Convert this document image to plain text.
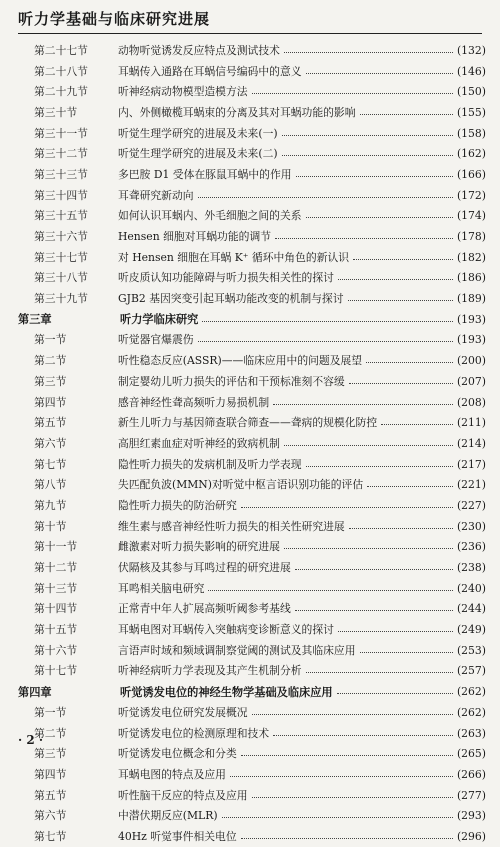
听力学基础与临床研究进展
第二十七节	动物听觉诱发反应特点及测试技术	(132)
第二十八节	耳蜗传入通路在耳蜗信号编码中的意义	(146)
第二十九节	听神经病动物模型造模方法	(150)
第三十节	内、外侧橄榄耳蜗束的分离及其对耳蜗功能的影响	(155)
第三十一节	听觉生理学研究的进展及未来(一)	(158)
第三十二节	听觉生理学研究的进展及未来(二)	(162)
第三十三节	多巴胺 D1 受体在豚鼠耳蜗中的作用	(166)
第三十四节	耳聋研究新动向	(172)
第三十五节	如何认识耳蜗内、外毛细胞之间的关系	(174)
第三十六节	Hensen 细胞对耳蜗功能的调节	(178)
第三十七节	对 Hensen 细胞在耳蜗 K⁺ 循环中角色的新认识	(182)
第三十八节	听皮质认知功能障碍与听力损失相关性的探讨	(186)
第三十九节	GJB2 基因突变引起耳蜗功能改变的机制与探讨	(189)
第三章	听力学临床研究	(193)
第一节	听觉器官爆震伤	(193)
第二节	听性稳态反应(ASSR)——临床应用中的问题及展望	(200)
第三节	制定婴幼儿听力损失的评估和干预标准刻不容缓	(207)
第四节	感音神经性聋高频听力易损机制	(208)
第五节	新生儿听力与基因筛查联合筛查——聋病的规模化防控	(211)
第六节	高胆红素血症对听神经的致病机制	(214)
第七节	隐性听力损失的发病机制及听力学表现	(217)
第八节	失匹配负波(MMN)对听觉中枢言语识别功能的评估	(221)
第九节	隐性听力损失的防治研究	(227)
第十节	维生素与感音神经性听力损失的相关性研究进展	(230)
第十一节	雌激素对听力损失影响的研究进展	(236)
第十二节	伏隔核及其参与耳鸣过程的研究进展	(238)
第十三节	耳鸣相关脑电研究	(240)
第十四节	正常青中年人扩展高频听阈参考基线	(244)
第十五节	耳蜗电图对耳蜗传入突触病变诊断意义的探讨	(249)
第十六节	言语声时域和频域调制察觉阈的测试及其临床应用	(253)
第十七节	听神经病听力学表现及其产生机制分析	(257)
第四章	听觉诱发电位的神经生物学基础及临床应用	(262)
第一节	听觉诱发电位研究发展概况	(262)
第二节	听觉诱发电位的检测原理和技术	(263)
第三节	听觉诱发电位概念和分类	(265)
第四节	耳蜗电图的特点及应用	(266)
第五节	听性脑干反应的特点及应用	(277)
第六节	中潜伏期反应(MLR)	(293)
第七节	40Hz 听觉事件相关电位	(296)
· 2 ·
